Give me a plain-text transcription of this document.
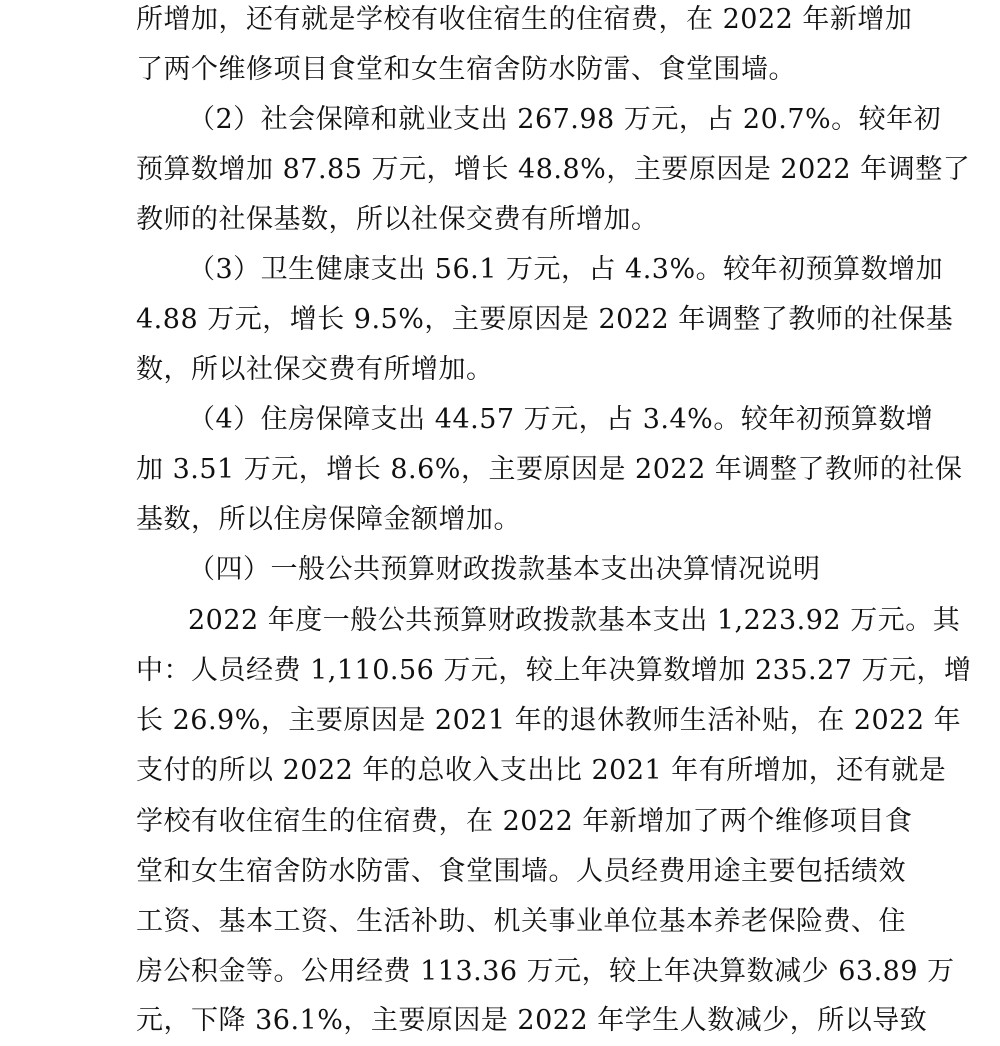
所增加，还有就是学校有收住宿生的住宿费，在 2022 年新增加
了两个维修项目食堂和女生宿舍防水防雷、食堂围墙。
（2）社会保障和就业支出 267.98 万元，占 20.7%。较年初
预算数增加 87.85 万元，增长 48.8%，主要原因是 2022 年调整了
教师的社保基数，所以社保交费有所增加。
（3）卫生健康支出 56.1 万元，占 4.3%。较年初预算数增加
4.88 万元，增长 9.5%，主要原因是 2022 年调整了教师的社保基
数，所以社保交费有所增加。
（4）住房保障支出 44.57 万元，占 3.4%。较年初预算数增
加 3.51 万元，增长 8.6%，主要原因是 2022 年调整了教师的社保
基数，所以住房保障金额增加。
（四）一般公共预算财政拨款基本支出决算情况说明
2022 年度一般公共预算财政拨款基本支出 1,223.92 万元。其
中：人员经费 1,110.56 万元，较上年决算数增加 235.27 万元，增
长 26.9%，主要原因是 2021 年的退休教师生活补贴，在 2022 年
支付的所以 2022 年的总收入支出比 2021 年有所增加，还有就是
学校有收住宿生的住宿费，在 2022 年新增加了两个维修项目食
堂和女生宿舍防水防雷、食堂围墙。人员经费用途主要包括绩效
工资、基本工资、生活补助、机关事业单位基本养老保险费、住
房公积金等。公用经费 113.36 万元，较上年决算数减少 63.89 万
元，下降 36.1%，主要原因是 2022 年学生人数减少，所以导致
